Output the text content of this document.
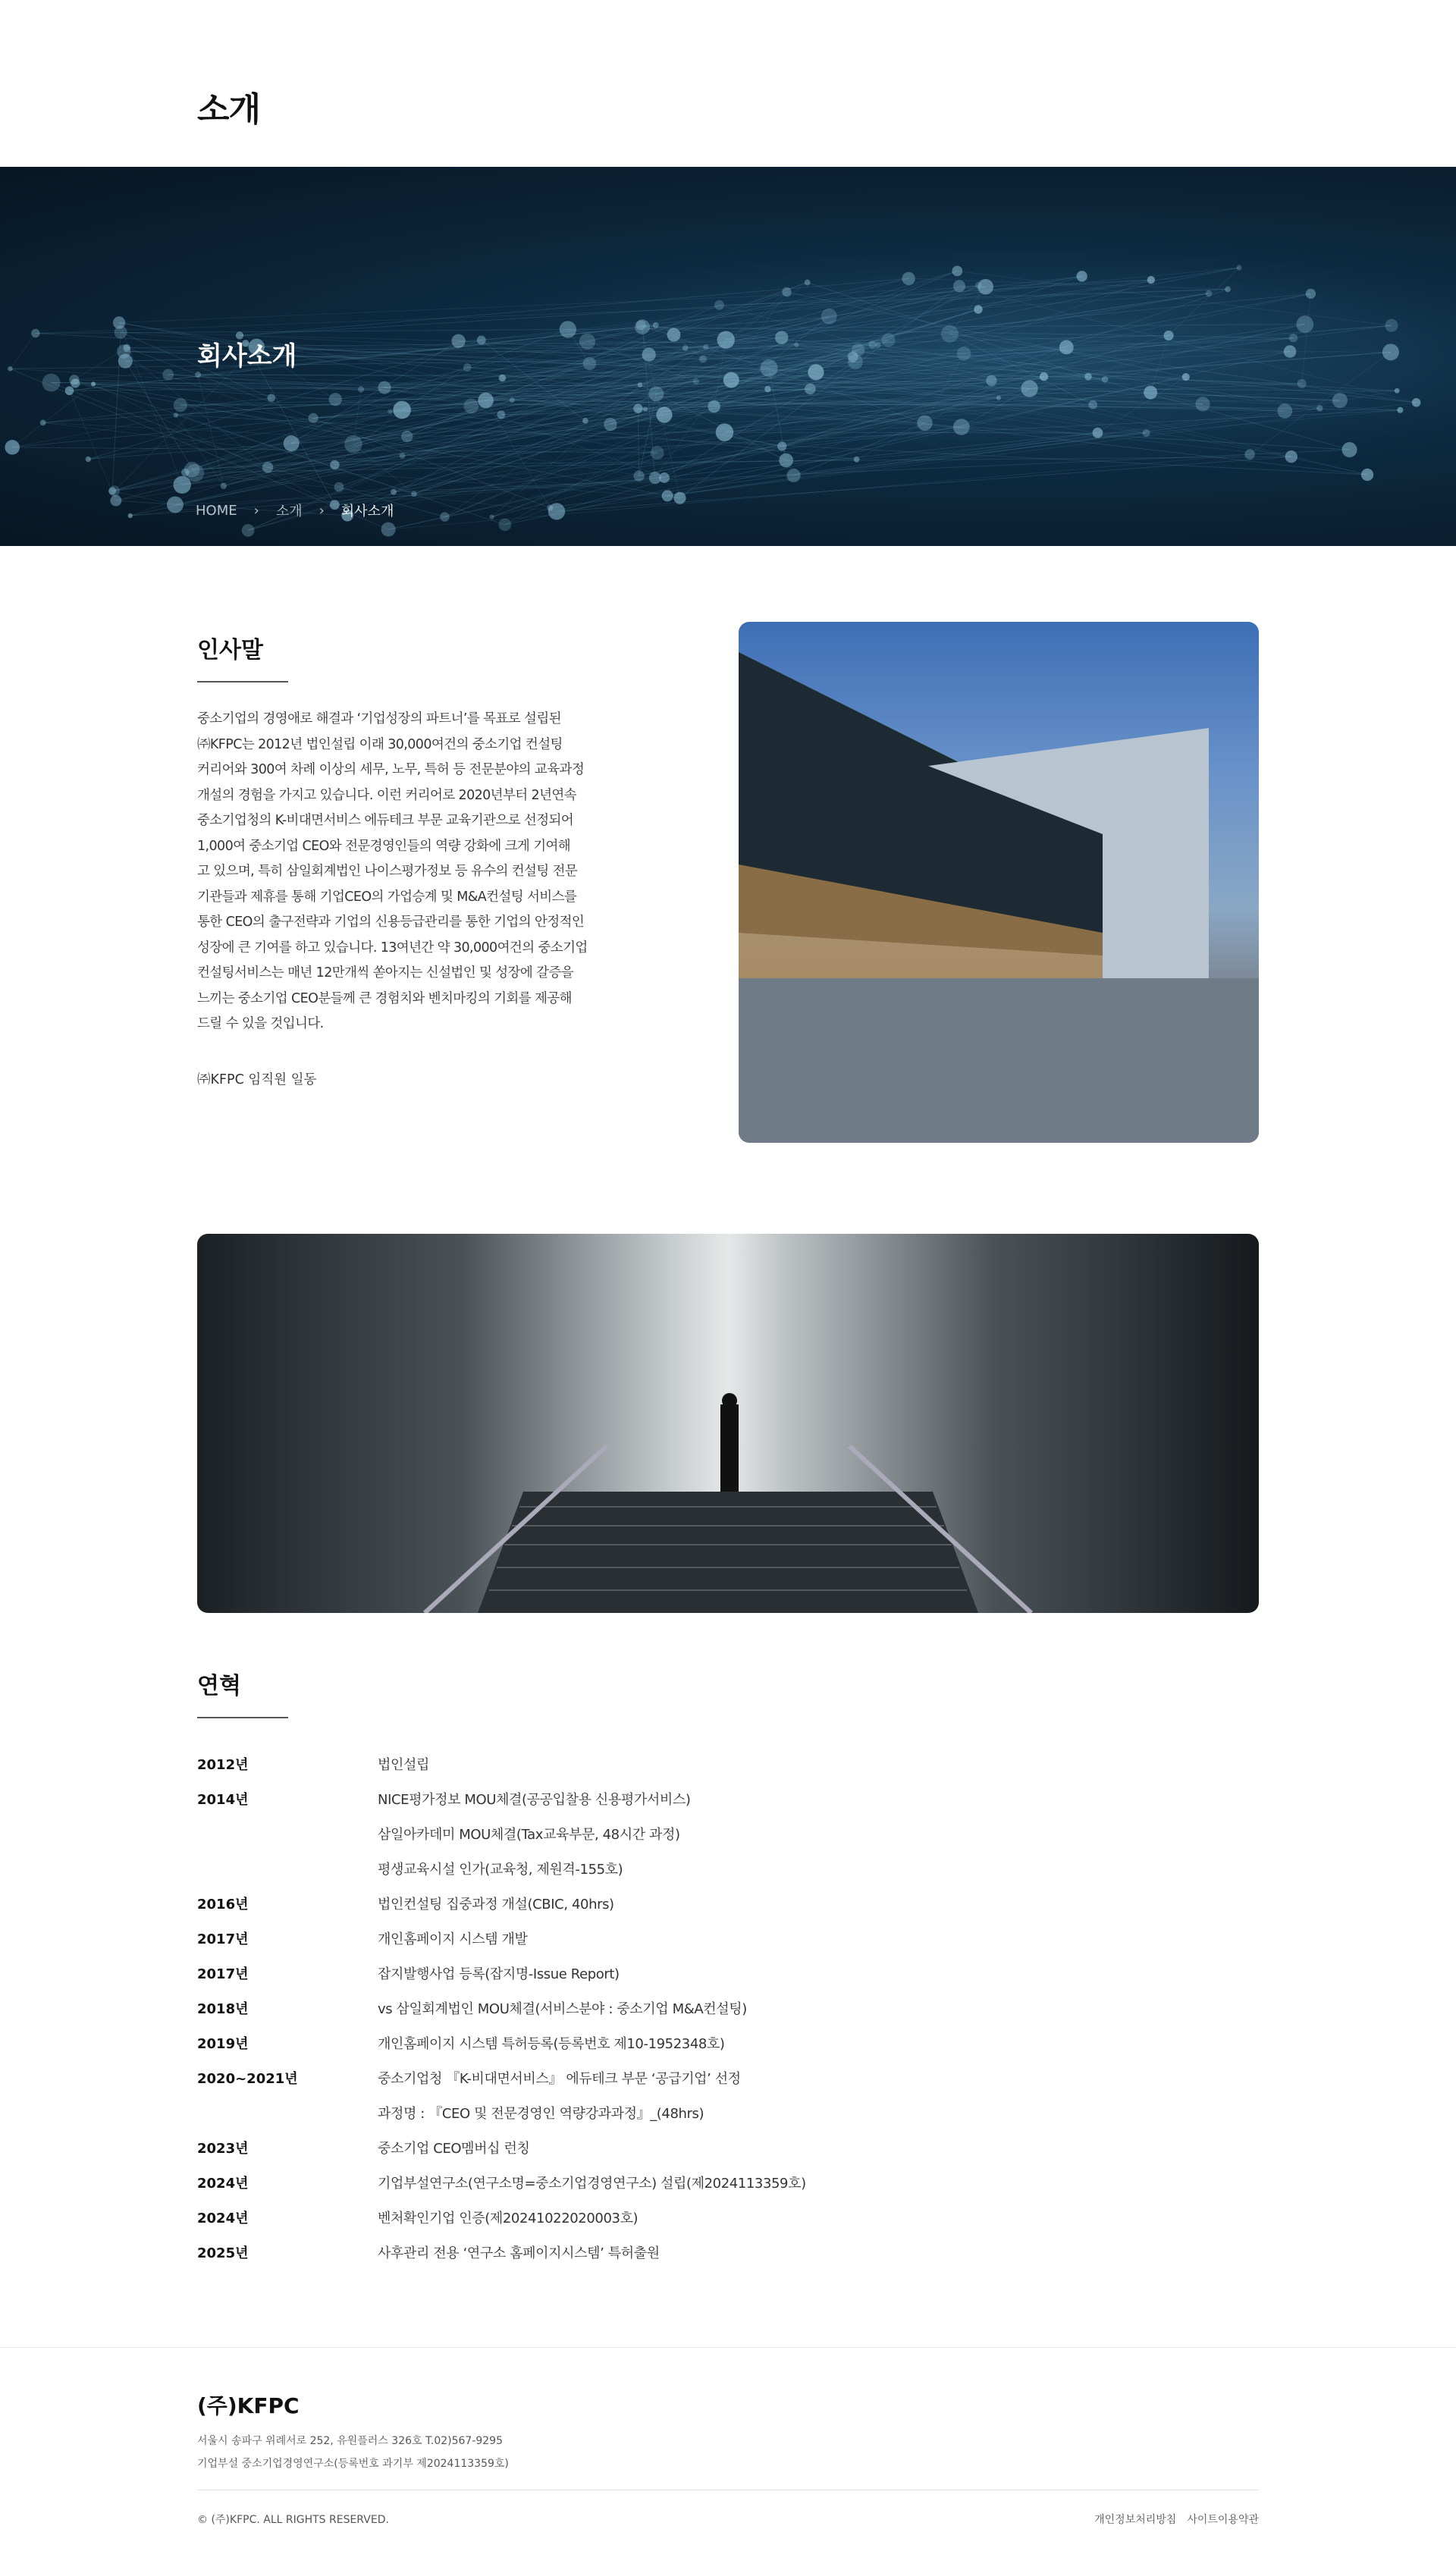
소개
회사소개
HOME › 소개 › 회사소개
인사말
중소기업의 경영애로 해결과 ‘기업성장의 파트너’를 목표로 설립된
㈜KFPC는 2012년 법인설립 이래 30,000여건의 중소기업 컨설팅
커리어와 300여 차례 이상의 세무, 노무, 특허 등 전문분야의 교육과정
개설의 경험을 가지고 있습니다. 이런 커리어로 2020년부터 2년연속
중소기업청의 K-비대면서비스 에듀테크 부문 교육기관으로 선정되어
1,000여 중소기업 CEO와 전문경영인들의 역량 강화에 크게 기여해
고 있으며, 특히 삼일회계법인 나이스평가정보 등 유수의 컨설팅 전문
기관들과 제휴를 통해 기업CEO의 가업승계 및 M&A컨설팅 서비스를
통한 CEO의 출구전략과 기업의 신용등급관리를 통한 기업의 안정적인
성장에 큰 기여를 하고 있습니다. 13여년간 약 30,000여건의 중소기업
컨설팅서비스는 매년 12만개씩 쏟아지는 신설법인 및 성장에 갈증을
느끼는 중소기업 CEO분들께 큰 경험치와 벤치마킹의 기회를 제공해
드릴 수 있을 것입니다.
㈜KFPC 임직원 일동
연혁
2012년	법인설립
2014년	NICE평가정보 MOU체결(공공입찰용 신용평가서비스)
삼일아카데미 MOU체결(Tax교육부문, 48시간 과정)
평생교육시설 인가(교육청, 제원격-155호)
2016년	법인컨설팅 집중과정 개설(CBIC, 40hrs)
2017년	개인홈페이지 시스템 개발
2017년	잡지발행사업 등록(잡지명-Issue Report)
2018년	vs 삼일회계법인 MOU체결(서비스분야 : 중소기업 M&A컨설팅)
2019년	개인홈페이지 시스템 특허등록(등록번호 제10-1952348호)
2020~2021년	중소기업청 『K-비대면서비스』 에듀테크 부문 ‘공급기업’ 선정
과정명 : 『CEO 및 전문경영인 역량강과과정』_(48hrs)
2023년	중소기업 CEO멤버십 런칭
2024년	기업부설연구소(연구소명=중소기업경영연구소) 설립(제2024113359호)
2024년	벤처확인기업 인증(제20241022020003호)
2025년	사후관리 전용 ‘연구소 홈페이지시스템’ 특허출원
(주)KFPC
서울시 송파구 위례서로 252, 유원플러스 326호 T.02)567-9295
기업부설 중소기업경영연구소(등록번호 과기부 제2024113359호)
© (주)KFPC. ALL RIGHTS RESERVED.	개인정보처리방침 사이트이용약관
